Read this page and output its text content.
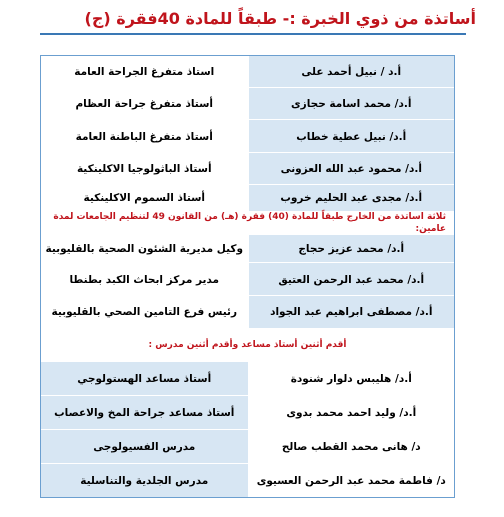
أساتذة من ذوي الخبرة :- طبقاً للمادة 40فقرة (ج)
أ.د / نبيل أحمد على
استاذ متفرغ الجراحة العامة
أ.د/ محمد اسامة حجازى
أستاذ متفرغ جراحة العظام
أ.د/ نبيل عطية خطاب
أستاذ متفرغ الباطنة العامة
أ.د/ محمود عبد الله العزونى
أستاذ الباثولوجيا الاكلينكية
أ.د/ مجدى عبد الحليم خروب
أستاذ السموم الاكلينكية
ثلاثة اساتذة من الخارج طبقاً للمادة (40) فقرة (هـ) من القانون 49 لتنظيم الجامعات لمدة عامين:
أ.د/ محمد عزيز حجاج
وكيل مديرية الشئون الصحية بالقليوبية
أ.د/ محمد عبد الرحمن العتيق
مدير مركز ابحاث الكبد بطنطا
أ.د/ مصطفى ابراهيم عبد الجواد
رئيس فرع التامين الصحي بالقليوبية
أقدم أثنين أستاذ مساعد وأقدم أثنين مدرس :
أ.د/ هليبس دلوار شنودة
أستاذ مساعد الهستولوجي
أ.د/ وليد احمد محمد بدوى
أستاذ مساعد جراحة المخ والاعصاب
د/ هانى محمد القطب صالح
مدرس الفسيولوجى
د/ فاطمة محمد عبد الرحمن العسيوى
مدرس الجلدية والتناسلية
